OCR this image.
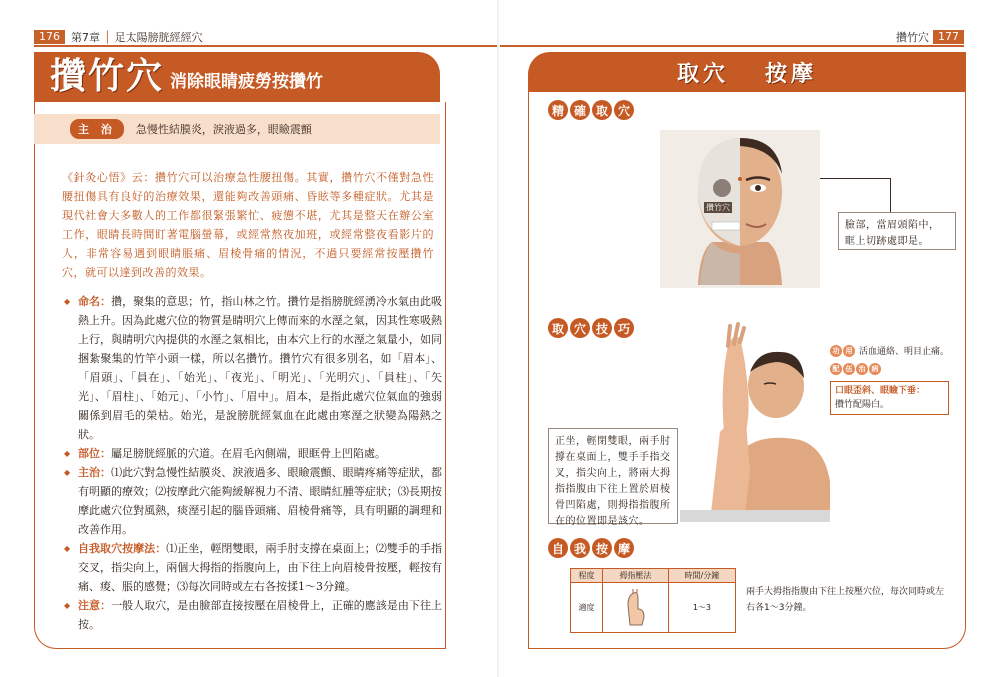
176	第7章 │ 足太陽膀胱經經穴
攢竹穴 消除眼睛疲勞按攢竹
主 治	急慢性結膜炎，淚液過多，眼瞼震顫

《針灸心悟》云：攢竹穴可以治療急性腰扭傷。其實，攢竹穴不僅對急性腰扭傷具有良好的治療效果，還能夠改善頭痛、昏眩等多種症狀。尤其是現代社會大多數人的工作都很緊張繁忙、疲憊不堪，尤其是整天在辦公室工作，眼睛長時間盯著電腦螢幕，或經常熬夜加班，或經常整夜看影片的人，非常容易遇到眼睛脹痛、眉棱骨痛的情況，不過只要經常按壓攢竹穴，就可以達到改善的效果。

◆ 命名：攢，聚集的意思；竹，指山林之竹。攢竹是指膀胱經湧冷水氣由此吸熱上升。因為此處穴位的物質是睛明穴上傳而來的水溼之氣，因其性寒吸熱上行，與睛明穴內提供的水溼之氣相比，由本穴上行的水溼之氣量小，如同捆紮聚集的竹竿小頭一樣，所以名攢竹。攢竹穴有很多別名，如「眉本」、「眉頭」、「員在」、「始光」、「夜光」、「明光」、「光明穴」、「員柱」、「矢光」、「眉柱」、「始元」、「小竹」、「眉中」。眉本，是指此處穴位氣血的強弱關係到眉毛的榮枯。始光，是說膀胱經氣血在此處由寒溼之狀變為陽熱之狀。
◆ 部位：屬足膀胱經脈的穴道。在眉毛內側端，眼眶骨上凹陷處。
◆ 主治：⑴此穴對急慢性結膜炎、淚液過多、眼瞼震顫、眼睛疼痛等症狀，都有明顯的療效；⑵按摩此穴能夠緩解視力不清、眼睛紅腫等症狀；⑶長期按摩此處穴位對風熱，痰溼引起的腦昏頭痛、眉棱骨痛等，具有明顯的調理和改善作用。
◆ 自我取穴按摩法：⑴正坐，輕閉雙眼，兩手肘支撐在桌面上；⑵雙手的手指交叉，指尖向上，兩個大拇指的指腹向上，由下往上向眉棱骨按壓，輕按有痛、痠、脹的感覺；⑶每次同時或左右各按揉1～3分鐘。
◆ 注意：一般人取穴，是由臉部直接按壓在眉棱骨上，正確的應該是由下往上按。
攢竹穴 177
取穴 按摩
精 確 取 穴
攢竹穴
臉部，當眉頭陷中，眶上切跡處即是。
取 穴 技 巧
正坐，輕閉雙眼，兩手肘撐在桌面上，雙手手指交叉，指尖向上，將兩大拇指指腹由下往上置於眉棱骨凹陷處，則拇指指腹所在的位置即是該穴。
功 用 活血通絡、明目止痛。
配 伍 治 病
口眼歪斜、眼瞼下垂：
攢竹配陽白。
自 我 按 摩
程度	拇指壓法	時間/分鐘
適度		1～3
兩手大拇指指腹由下往上按壓穴位，每次同時或左右各1～3分鐘。
